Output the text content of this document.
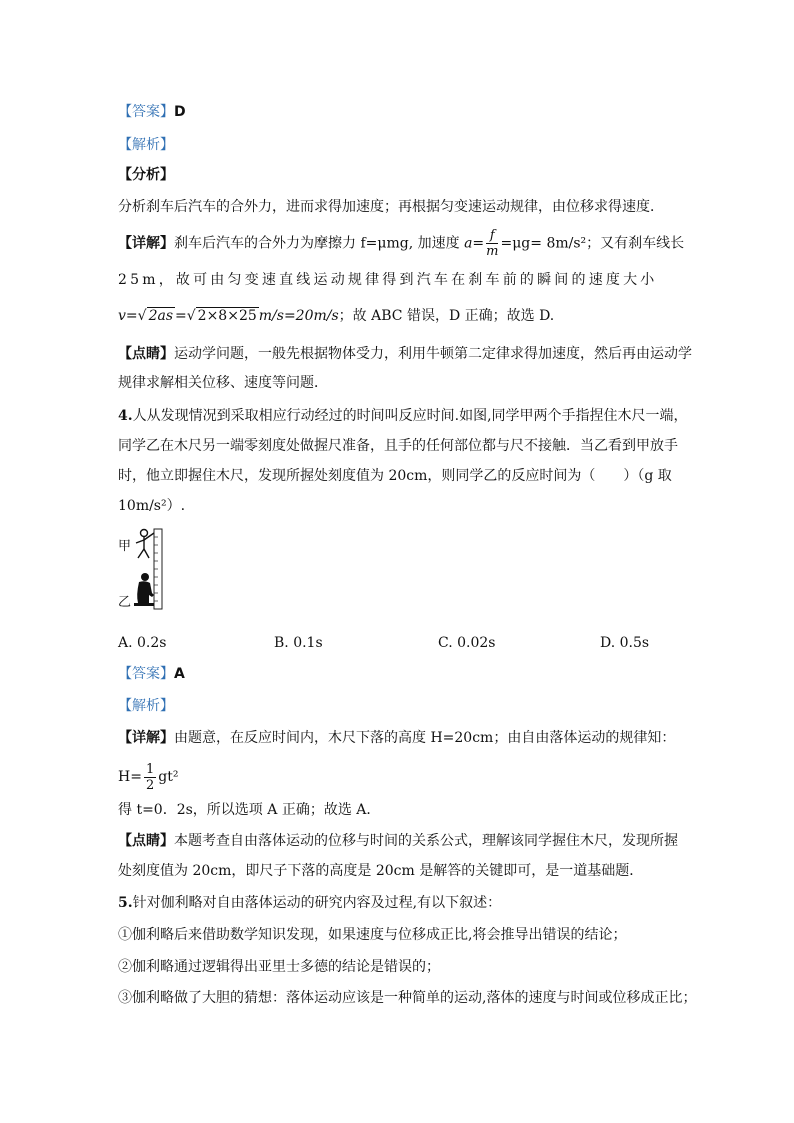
【答案】D
【解析】
【分析】
分析刹车后汽车的合外力，进而求得加速度；再根据匀变速运动规律，由位移求得速度．
【详解】刹车后汽车的合外力为摩擦力 f=μmg, 加速度 $a= \frac{f}{m} =\mu g= 8m/s^2$；又有刹车线长
25m，故可由匀变速直线运动规律得到汽车在刹车前的瞬间的速度大小
v=√ 2as =√ 2×8×25 m/s=20m/s；故 ABC 错误，D 正确；故选 D.
【点睛】运动学问题，一般先根据物体受力，利用牛顿第二定律求得加速度，然后再由运动学
规律求解相关位移、速度等问题．
4.人从发现情况到采取相应行动经过的时间叫反应时间.如图,同学甲两个手指捏住木尺一端，
同学乙在木尺另一端零刻度处做握尺准备，且手的任何部位都与尺不接触．当乙看到甲放手
时，他立即握住木尺，发现所握处刻度值为 20cm，则同学乙的反应时间为（　　）（g 取
10m/s²）.
甲
乙
A. 0.2s	B. 0.1s	C. 0.02s	D. 0.5s
【答案】A
【解析】
【详解】由题意，在反应时间内，木尺下落的高度 H=20cm；由自由落体运动的规律知：
$H= \frac{1}{2} gt^2$
得 t=0．2s，所以选项 A 正确；故选 A．
【点睛】本题考查自由落体运动的位移与时间的关系公式，理解该同学握住木尺，发现所握
处刻度值为 20cm，即尺子下落的高度是 20cm 是解答的关键即可，是一道基础题．
5.针对伽利略对自由落体运动的研究内容及过程,有以下叙述：
①伽利略后来借助数学知识发现，如果速度与位移成正比,将会推导出错误的结论；
②伽利略通过逻辑得出亚里士多德的结论是错误的；
③伽利略做了大胆的猜想：落体运动应该是一种简单的运动,落体的速度与时间或位移成正比；
